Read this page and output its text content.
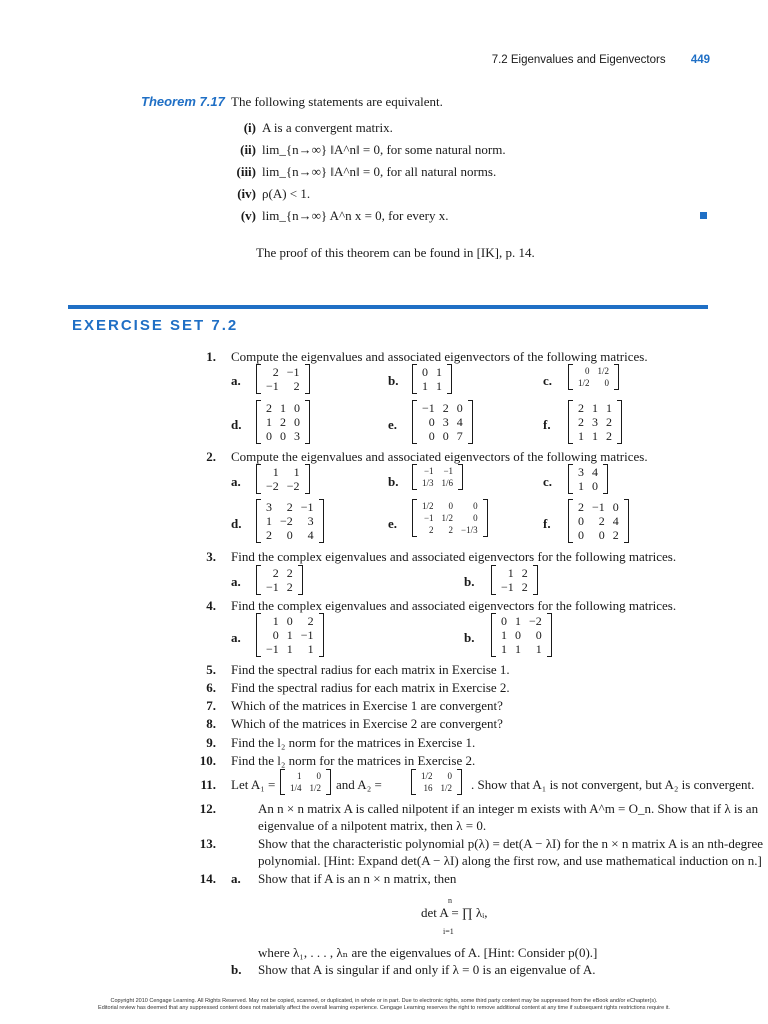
7.2 Eigenvalues and Eigenvectors 449
Theorem 7.17 The following statements are equivalent.
(i) A is a convergent matrix.
(ii) lim_{n→∞} ‖A^n‖ = 0, for some natural norm.
(iii) lim_{n→∞} ‖A^n‖ = 0, for all natural norms.
(iv) ρ(A) < 1.
(v) lim_{n→∞} A^n x = 0, for every x.
The proof of this theorem can be found in [IK], p. 14.
EXERCISE SET 7.2
1. Compute the eigenvalues and associated eigenvectors of the following matrices.
a.
2	−1
−1	2	b.
0	1
1	1	c.
0	1/2
1/2	0
d.
2	1	0
1	2	0
0	0	3
e.
−1	2	0
0	3	4
0	0	7
f.
2	1	1
2	3	2
1	1	2
2. Compute the eigenvalues and associated eigenvectors of the following matrices.
a.
1	1
−2	−2	b.
−1	−1
1/3	1/6	c.
3	4
1	0
d.
3	2	−1
1	−2	3
2	0	4
e.
1/2	0	0
−1	1/2	0
2	2	−1/3	f.
2	−1	0
0	2	4
0	0	2
3. Find the complex eigenvalues and associated eigenvectors for the following matrices.
a.
2	2
−1	2	b.
1	2
−1	2
4. Find the complex eigenvalues and associated eigenvectors for the following matrices.
a.
1	0	2
0	1	−1
−1	1	1
b.
0	1	−2
1	0	0
1	1	1
5. Find the spectral radius for each matrix in Exercise 1.
6. Find the spectral radius for each matrix in Exercise 2.
7. Which of the matrices in Exercise 1 are convergent?
8. Which of the matrices in Exercise 2 are convergent?
9. Find the l₂ norm for the matrices in Exercise 1.
10. Find the l₂ norm for the matrices in Exercise 2.
11. Let A₁ =
1	0
1/4	1/2 and A₂ =
1/2	0
16	1/2 . Show that A₁ is not convergent, but A₂ is convergent.
12.	An n × n matrix A is called nilpotent if an integer m exists with A^m = O_n. Show that if λ is an
eigenvalue of a nilpotent matrix, then λ = 0.
13.	Show that the characteristic polynomial p(λ) = det(A − λI) for the n × n matrix A is an nth-degree
polynomial. [Hint: Expand det(A − λI) along the first row, and use mathematical induction on n.]
14. a. Show that if A is an n × n matrix, then
n
det A = ∏ λᵢ,
i=1
where λ₁, . . . , λₙ are the eigenvalues of A. [Hint: Consider p(0).]
b. Show that A is singular if and only if λ = 0 is an eigenvalue of A.
Copyright 2010 Cengage Learning. All Rights Reserved. May not be copied, scanned, or duplicated, in whole or in part. Due to electronic rights, some third party content may be suppressed from the eBook and/or eChapter(s).
Editorial review has deemed that any suppressed content does not materially affect the overall learning experience. Cengage Learning reserves the right to remove additional content at any time if subsequent rights restrictions require it.
